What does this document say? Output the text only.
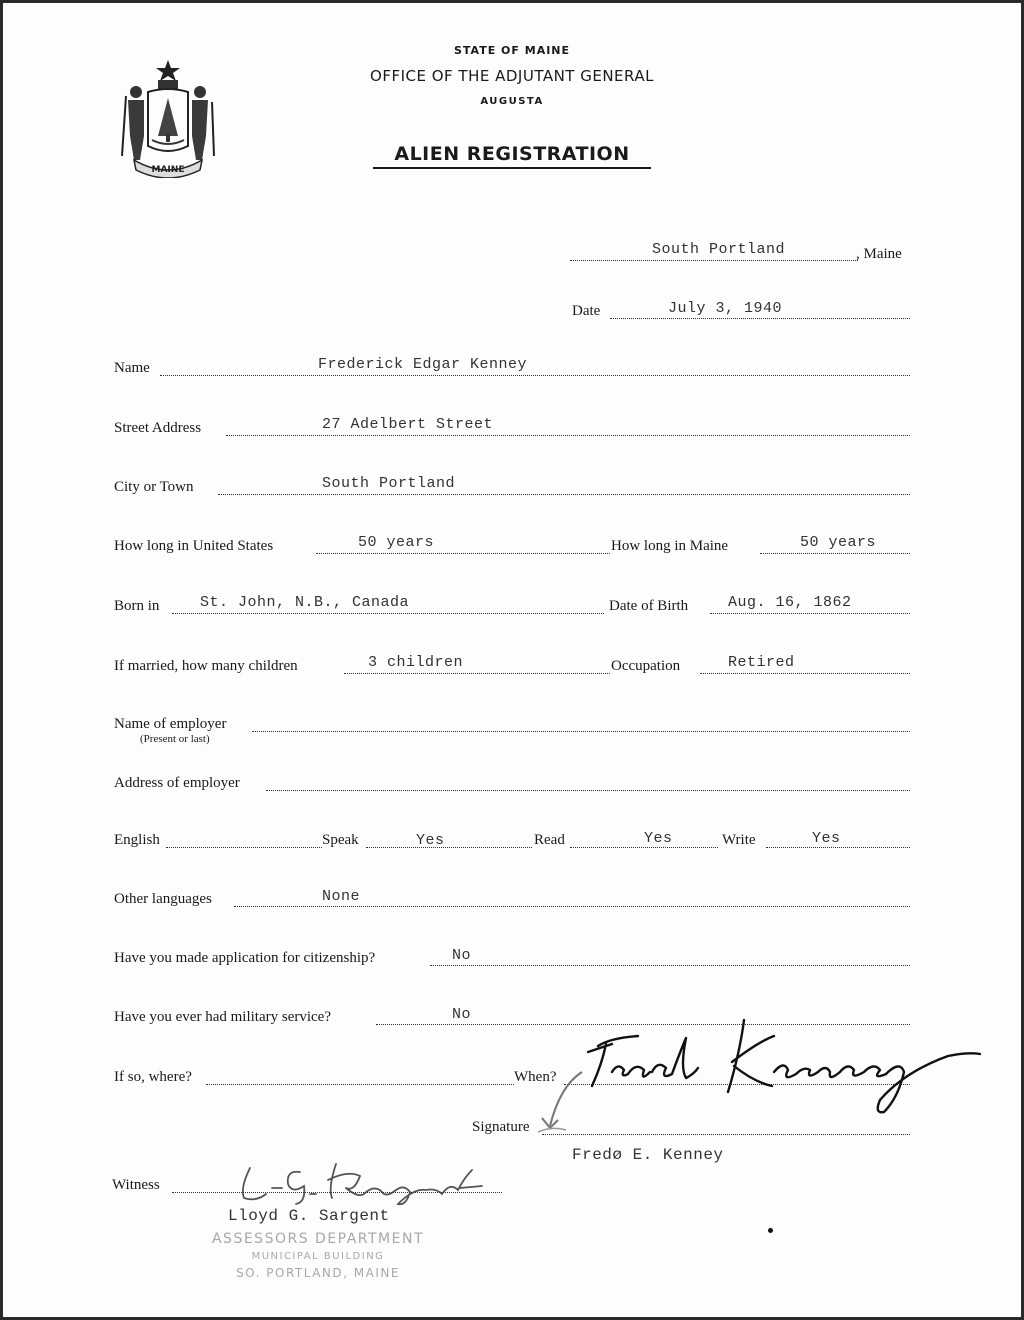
MAINE
STATE OF MAINE
OFFICE OF THE ADJUTANT GENERAL
AUGUSTA
ALIEN REGISTRATION
South Portland	, Maine
Date	July 3, 1940
Name	Frederick Edgar Kenney
Street Address	27 Adelbert Street
City or Town	South Portland
How long in United States	50 years	How long in Maine	50 years
Born in	St. John, N.B., Canada	Date of Birth	Aug. 16, 1862
If married, how many children	3 children	Occupation	Retired
Name of employer
(Present or last)
Address of employer
English	Speak	Yes	Read	Yes	Write	Yes
Other languages	None
Have you made application for citizenship?	No
Have you ever had military service?	No
If so, where?	When?
Signature
Fredø E. Kenney
Witness
Lloyd G. Sargent
ASSESSORS DEPARTMENT
MUNICIPAL BUILDING
SO. PORTLAND, MAINE
